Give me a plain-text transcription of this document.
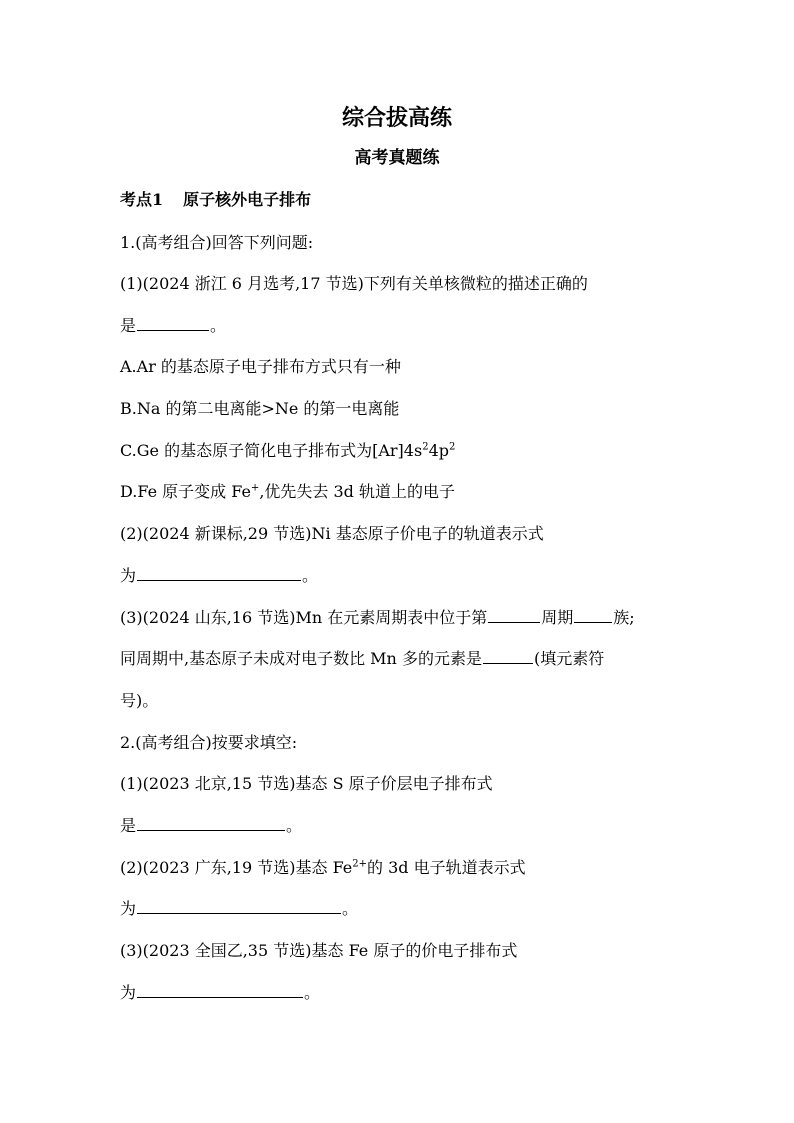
综合拔高练
高考真题练
考点1 原子核外电子排布
1.(高考组合)回答下列问题:
(1)(2024 浙江 6 月选考,17 节选)下列有关单核微粒的描述正确的
是	。
A.Ar 的基态原子电子排布方式只有一种
B.Na 的第二电离能>Ne 的第一电离能
C.Ge 的基态原子简化电子排布式为$[Ar]4s^24p^2$
D.Fe 原子变成 Fe+,优先失去 3d 轨道上的电子
(2)(2024 新课标,29 节选)Ni 基态原子价电子的轨道表示式
为	。
(3)(2024 山东,16 节选)Mn 在元素周期表中位于第	周期	族;
同周期中,基态原子未成对电子数比 Mn 多的元素是	(填元素符
号)。
2.(高考组合)按要求填空:
(1)(2023 北京,15 节选)基态 S 原子价层电子排布式
是	。
(2)(2023 广东,19 节选)基态 $Fe^{2+}$的 3d 电子轨道表示式
为	。
(3)(2023 全国乙,35 节选)基态 Fe 原子的价电子排布式
为	。
